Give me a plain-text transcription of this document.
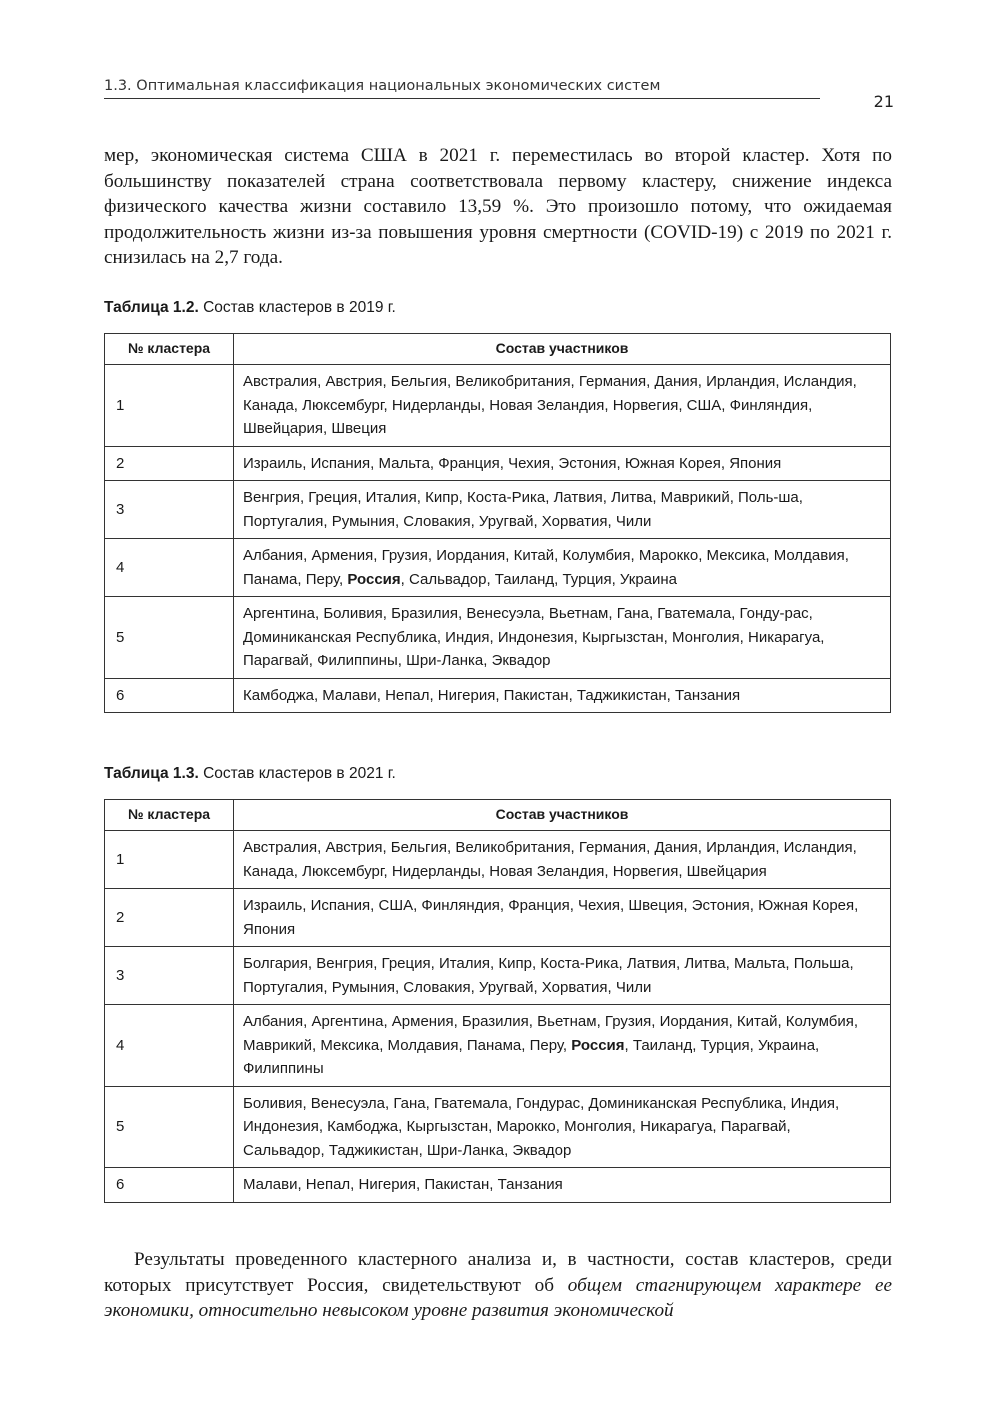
1.3. Оптимальная классификация национальных экономических систем
21

мер, экономическая система США в 2021 г. переместилась во второй кластер. Хотя по большинству показателей страна соответствовала первому кластеру, снижение индекса физического качества жизни составило 13,59 %. Это произошло потому, что ожидаемая продолжительность жизни из-за повышения уровня смертности (COVID-19) с 2019 по 2021 г. снизилась на 2,7 года.

Таблица 1.2. Состав кластеров в 2019 г.
№ кластера	Состав участников
1	Австралия, Австрия, Бельгия, Великобритания, Германия, Дания, Ирландия, Исландия, Канада, Люксембург, Нидерланды, Новая Зеландия, Норвегия, США, Финляндия, Швейцария, Швеция
2	Израиль, Испания, Мальта, Франция, Чехия, Эстония, Южная Корея, Япония
3	Венгрия, Греция, Италия, Кипр, Коста-Рика, Латвия, Литва, Маврикий, Поль-ша, Португалия, Румыния, Словакия, Уругвай, Хорватия, Чили
4	Албания, Армения, Грузия, Иордания, Китай, Колумбия, Марокко, Мексика, Молдавия, Панама, Перу, Россия, Сальвадор, Таиланд, Турция, Украина
5	Аргентина, Боливия, Бразилия, Венесуэла, Вьетнам, Гана, Гватемала, Гонду-рас, Доминиканская Республика, Индия, Индонезия, Кыргызстан, Монголия, Никарагуа, Парагвай, Филиппины, Шри-Ланка, Эквадор
6	Камбоджа, Малави, Непал, Нигерия, Пакистан, Таджикистан, Танзания
Таблица 1.3. Состав кластеров в 2021 г.
№ кластера	Состав участников
1	Австралия, Австрия, Бельгия, Великобритания, Германия, Дания, Ирландия, Исландия, Канада, Люксембург, Нидерланды, Новая Зеландия, Норвегия, Швейцария
2	Израиль, Испания, США, Финляндия, Франция, Чехия, Швеция, Эстония, Южная Корея, Япония
3	Болгария, Венгрия, Греция, Италия, Кипр, Коста-Рика, Латвия, Литва, Мальта, Польша, Португалия, Румыния, Словакия, Уругвай, Хорватия, Чили
4	Албания, Аргентина, Армения, Бразилия, Вьетнам, Грузия, Иордания, Китай, Колумбия, Маврикий, Мексика, Молдавия, Панама, Перу, Россия, Таиланд, Турция, Украина, Филиппины
5	Боливия, Венесуэла, Гана, Гватемала, Гондурас, Доминиканская Республика, Индия, Индонезия, Камбоджа, Кыргызстан, Марокко, Монголия, Никарагуа, Парагвай, Сальвадор, Таджикистан, Шри-Ланка, Эквадор
6	Малави, Непал, Нигерия, Пакистан, Танзания

Результаты проведенного кластерного анализа и, в частности, состав кластеров, среди которых присутствует Россия, свидетельствуют об общем стагнирующем характере ее экономики, относительно невысоком уровне развития экономической
